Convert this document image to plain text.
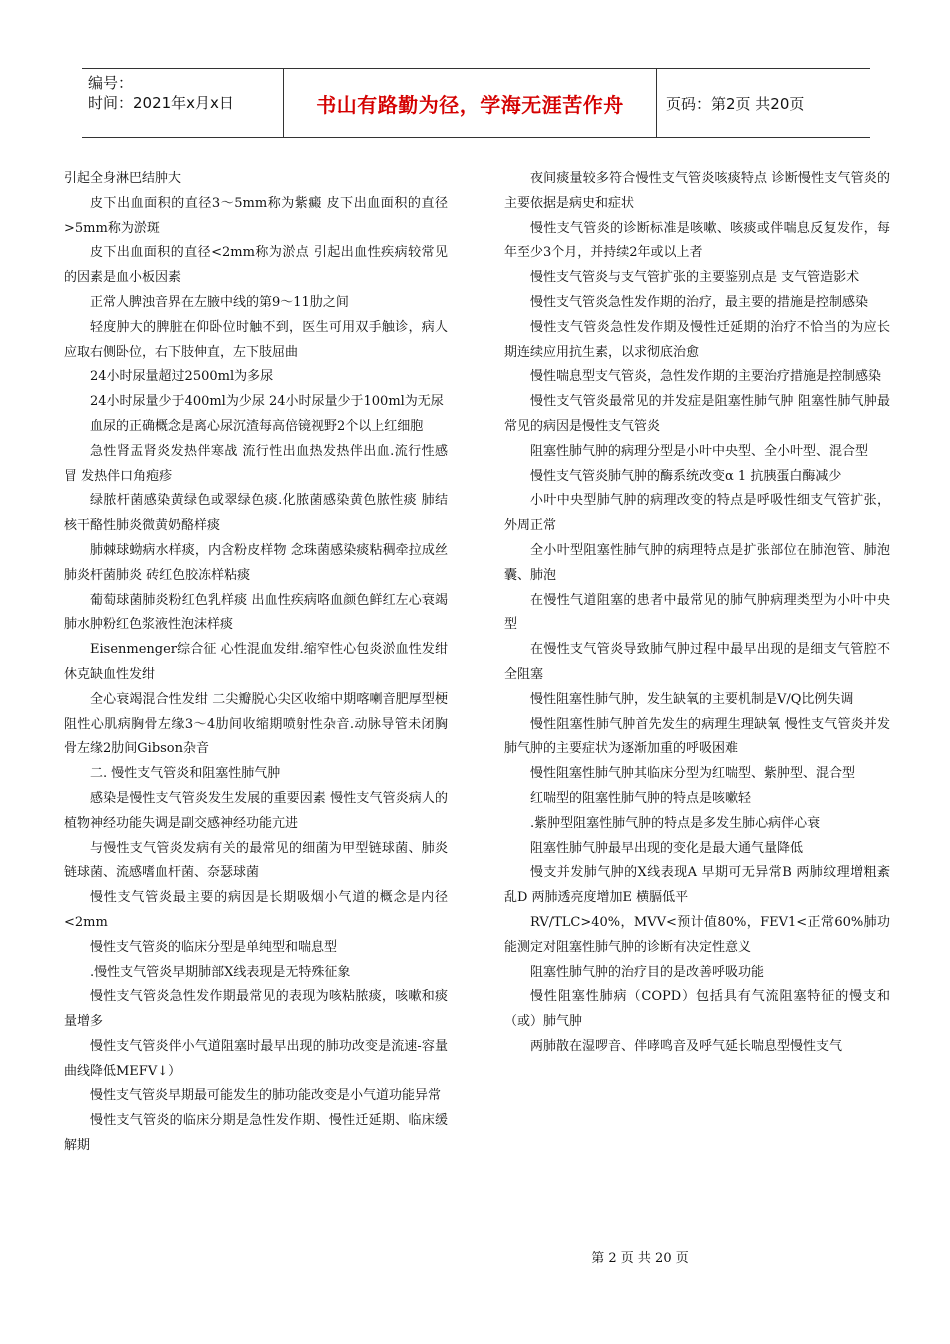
编号：
时间：2021年x月x日	书山有路勤为径，学海无涯苦作舟	页码：第2页 共20页

引起全身淋巴结肿大

皮下出血面积的直径3～5mm称为紫癜 皮下出血面积的直径>5mm称为淤斑

皮下出血面积的直径<2mm称为淤点 引起出血性疾病较常见的因素是血小板因素

正常人脾浊音界在左腋中线的第9～11肋之间

轻度肿大的脾脏在仰卧位时触不到，医生可用双手触诊，病人应取右侧卧位，右下肢伸直，左下肢屈曲

24小时尿量超过2500ml为多尿

24小时尿量少于400ml为少尿 24小时尿量少于100ml为无尿

血尿的正确概念是离心尿沉渣每高倍镜视野2个以上红细胞

急性肾盂肾炎发热伴寒战 流行性出血热发热伴出血.流行性感冒 发热伴口角疱疹

绿脓杆菌感染黄绿色或翠绿色痰.化脓菌感染黄色脓性痰 肺结核干酪性肺炎微黄奶酪样痰

肺棘球蚴病水样痰，内含粉皮样物 念珠菌感染痰粘稠牵拉成丝肺炎杆菌肺炎 砖红色胶冻样粘痰

葡萄球菌肺炎粉红色乳样痰 出血性疾病咯血颜色鲜红左心衰竭肺水肿粉红色浆液性泡沫样痰

Eisenmenger综合征 心性混血发绀.缩窄性心包炎淤血性发绀 休克缺血性发绀

全心衰竭混合性发绀 二尖瓣脱心尖区收缩中期喀喇音肥厚型梗阻性心肌病胸骨左缘3～4肋间收缩期喷射性杂音.动脉导管未闭胸骨左缘2肋间Gibson杂音

二. 慢性支气管炎和阻塞性肺气肿

感染是慢性支气管炎发生发展的重要因素 慢性支气管炎病人的植物神经功能失调是副交感神经功能亢进

与慢性支气管炎发病有关的最常见的细菌为甲型链球菌、肺炎链球菌、流感嗜血杆菌、奈瑟球菌

慢性支气管炎最主要的病因是长期吸烟小气道的概念是内径<2mm

慢性支气管炎的临床分型是单纯型和喘息型

.慢性支气管炎早期肺部X线表现是无特殊征象

慢性支气管炎急性发作期最常见的表现为咳粘脓痰，咳嗽和痰量增多

慢性支气管炎伴小气道阻塞时最早出现的肺功改变是流速-容量曲线降低MEFV↓）

慢性支气管炎早期最可能发生的肺功能改变是小气道功能异常

慢性支气管炎的临床分期是急性发作期、慢性迁延期、临床缓解期

夜间痰量较多符合慢性支气管炎咳痰特点 诊断慢性支气管炎的主要依据是病史和症状

慢性支气管炎的诊断标准是咳嗽、咳痰或伴喘息反复发作，每年至少3个月，并持续2年或以上者

慢性支气管炎与支气管扩张的主要鉴别点是 支气管造影术

慢性支气管炎急性发作期的治疗，最主要的措施是控制感染

慢性支气管炎急性发作期及慢性迁延期的治疗不恰当的为应长期连续应用抗生素，以求彻底治愈

慢性喘息型支气管炎，急性发作期的主要治疗措施是控制感染

慢性支气管炎最常见的并发症是阻塞性肺气肿 阻塞性肺气肿最常见的病因是慢性支气管炎

阻塞性肺气肿的病理分型是小叶中央型、全小叶型、混合型

慢性支气管炎肺气肿的酶系统改变α 1 抗胰蛋白酶减少

小叶中央型肺气肿的病理改变的特点是呼吸性细支气管扩张，外周正常

全小叶型阻塞性肺气肿的病理特点是扩张部位在肺泡管、肺泡囊、肺泡

在慢性气道阻塞的患者中最常见的肺气肿病理类型为小叶中央型

在慢性支气管炎导致肺气肿过程中最早出现的是细支气管腔不全阻塞

慢性阻塞性肺气肿，发生缺氧的主要机制是V/Q比例失调

慢性阻塞性肺气肿首先发生的病理生理缺氧 慢性支气管炎并发肺气肿的主要症状为逐渐加重的呼吸困难

慢性阻塞性肺气肿其临床分型为红喘型、紫肿型、混合型

红喘型的阻塞性肺气肿的特点是咳嗽轻

.紫肿型阻塞性肺气肿的特点是多发生肺心病伴心衰

阻塞性肺气肿最早出现的变化是最大通气量降低

慢支并发肺气肿的X线表现A 早期可无异常B 两肺纹理增粗紊乱D 两肺透亮度增加E 横膈低平

RV/TLC>40%，MVV<预计值80%，FEV1<正常60%肺功能测定对阻塞性肺气肿的诊断有决定性意义

阻塞性肺气肿的治疗目的是改善呼吸功能

慢性阻塞性肺病（COPD）包括具有气流阻塞特征的慢支和（或）肺气肿

两肺散在湿啰音、伴哮鸣音及呼气延长喘息型慢性支气

第 2 页 共 20 页
